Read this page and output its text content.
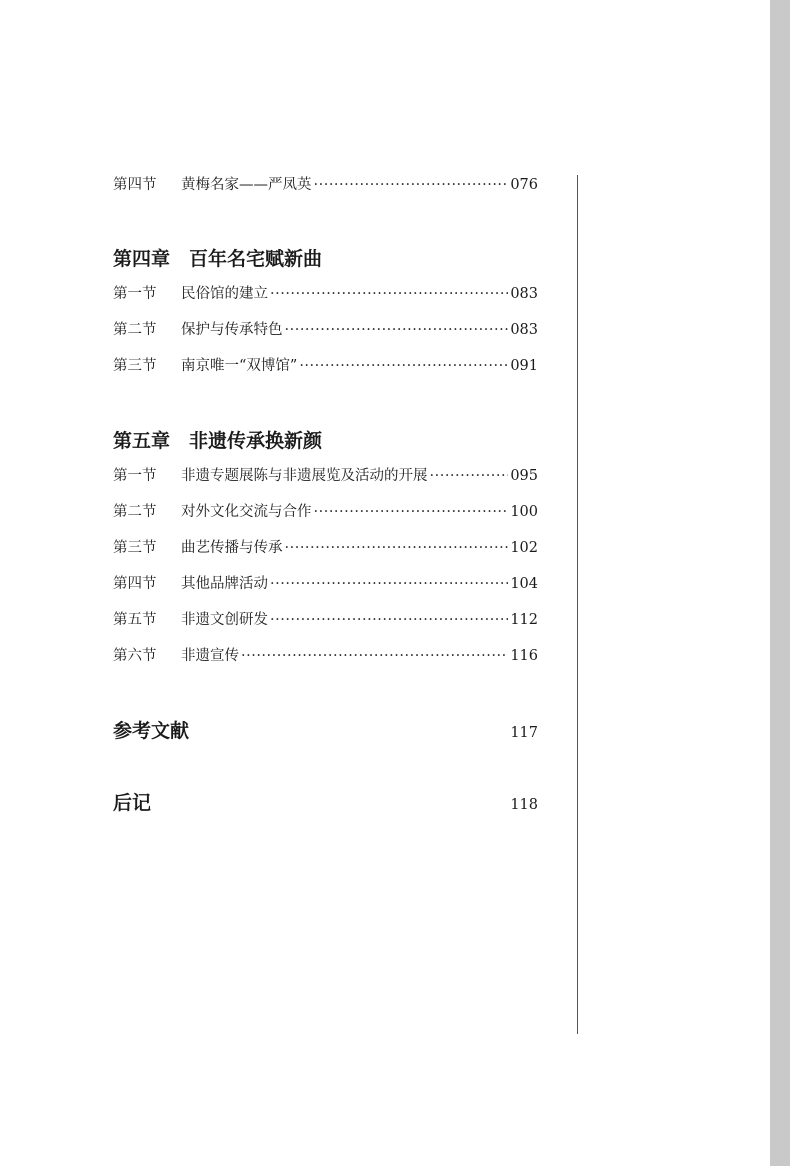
第四节	黄梅名家——严凤英 ·····	076
第四章 百年名宅赋新曲
第一节	民俗馆的建立 ·····	083
第二节	保护与传承特色 ·····	083
第三节	南京唯一“双博馆” ·····	091
第五章 非遗传承换新颜
第一节	非遗专题展陈与非遗展览及活动的开展 ·····	095
第二节	对外文化交流与合作 ·····	100
第三节	曲艺传播与传承 ·····	102
第四节	其他品牌活动 ·····	104
第五节	非遗文创研发 ·····	112
第六节	非遗宣传 ·····	116
参考文献	117
后记	118
